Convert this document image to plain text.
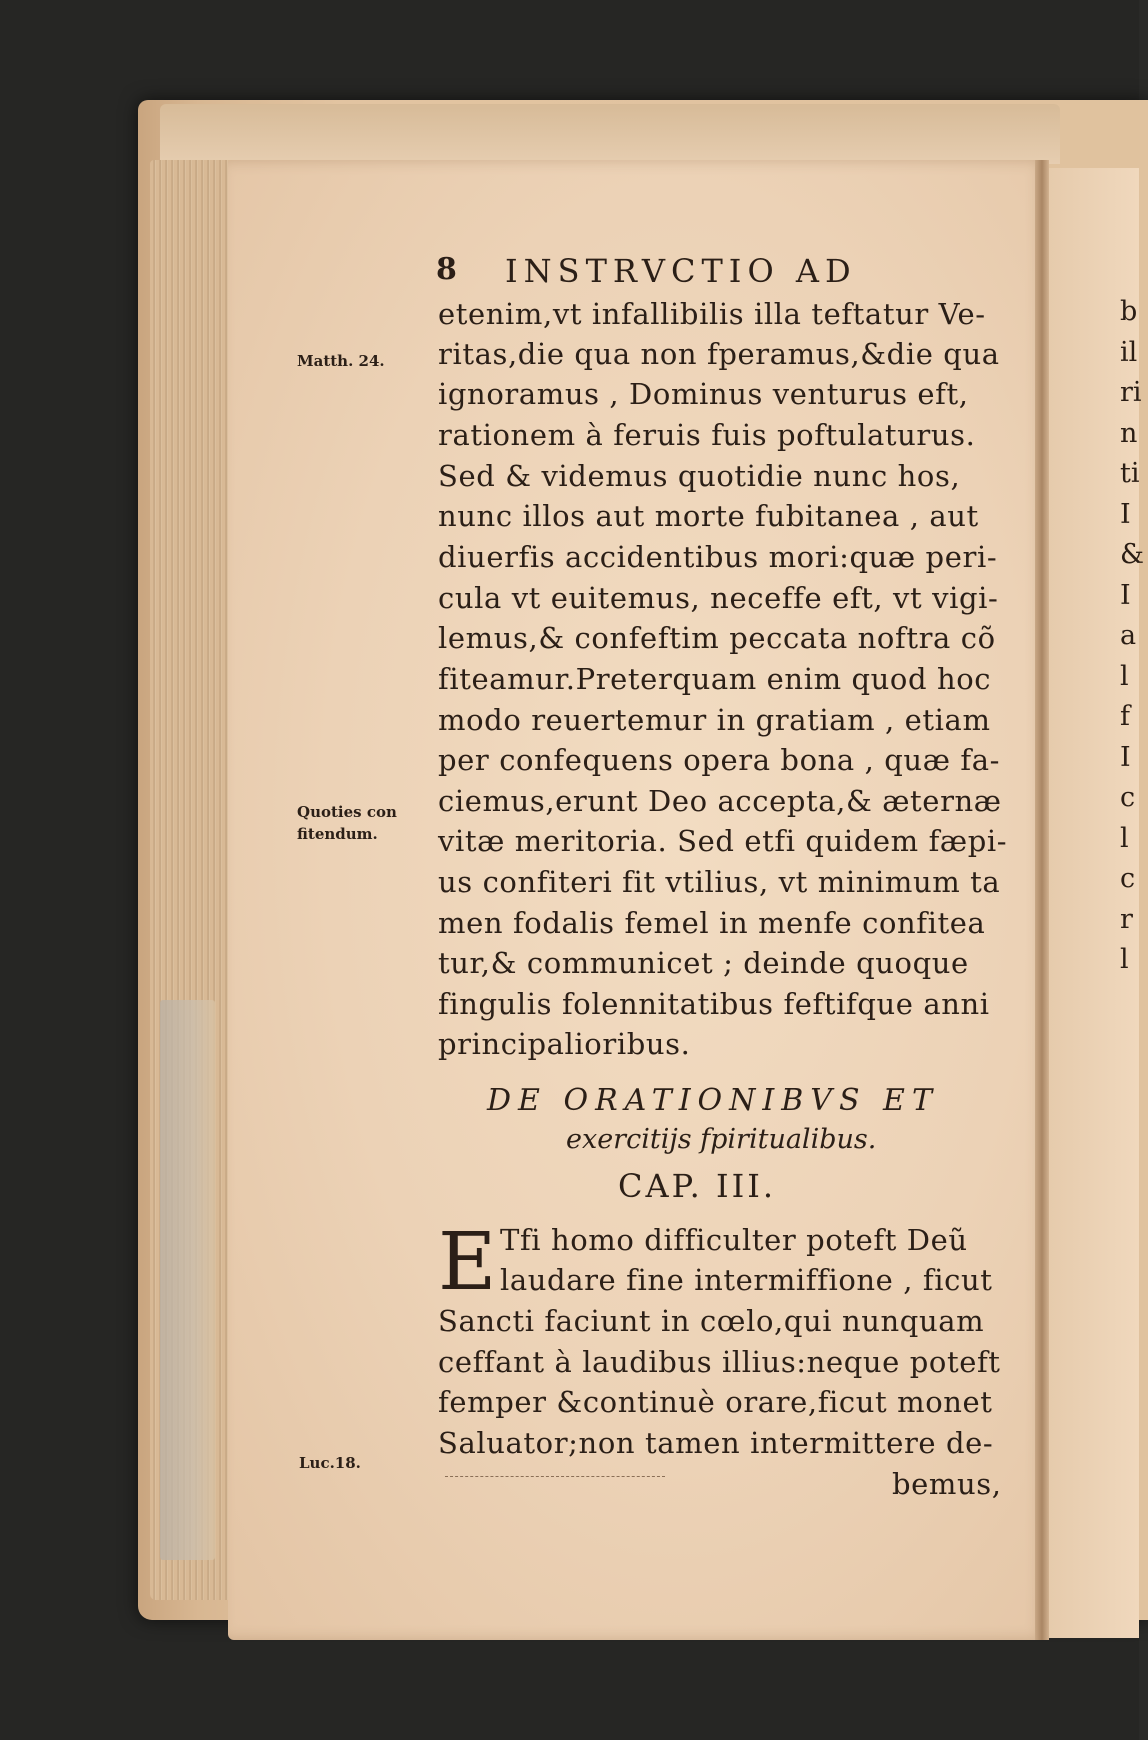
b
il
ri
n
ti
I
&
I
a
l
f
I
c
l
c
r
l
8 INSTRVCTIO AD
Matth. 24.
Quoties con
fitendum.
Luc.18.
etenim,vt infallibilis illa teftatur Ve-
ritas,die qua non fperamus,&die qua
ignoramus , Dominus venturus eft,
rationem à feruis fuis poftulaturus.
Sed & videmus quotidie nunc hos,
nunc illos aut morte fubitanea , aut
diuerfis accidentibus mori:quæ peri-
cula vt euitemus, neceffe eft, vt vigi-
lemus,& confeftim peccata noftra cõ
fiteamur.Preterquam enim quod hoc
modo reuertemur in gratiam , etiam
per confequens opera bona , quæ fa-
ciemus,erunt Deo accepta,& æternæ
vitæ meritoria. Sed etfi quidem fæpi-
us confiteri fit vtilius, vt minimum ta
men fodalis femel in menfe confitea
tur,& communicet ; deinde quoque
fingulis folennitatibus feftifque anni
principalioribus.
DE ORATIONIBVS ET
exercitijs fpiritualibus.
CAP. III.
E Tfi homo difficulter poteft Deũ
laudare fine intermiffione , ficut
Sancti faciunt in cœlo,qui nunquam
ceffant à laudibus illius:neque poteft
femper &continuè orare,ficut monet
Saluator;non tamen intermittere de-
bemus,
